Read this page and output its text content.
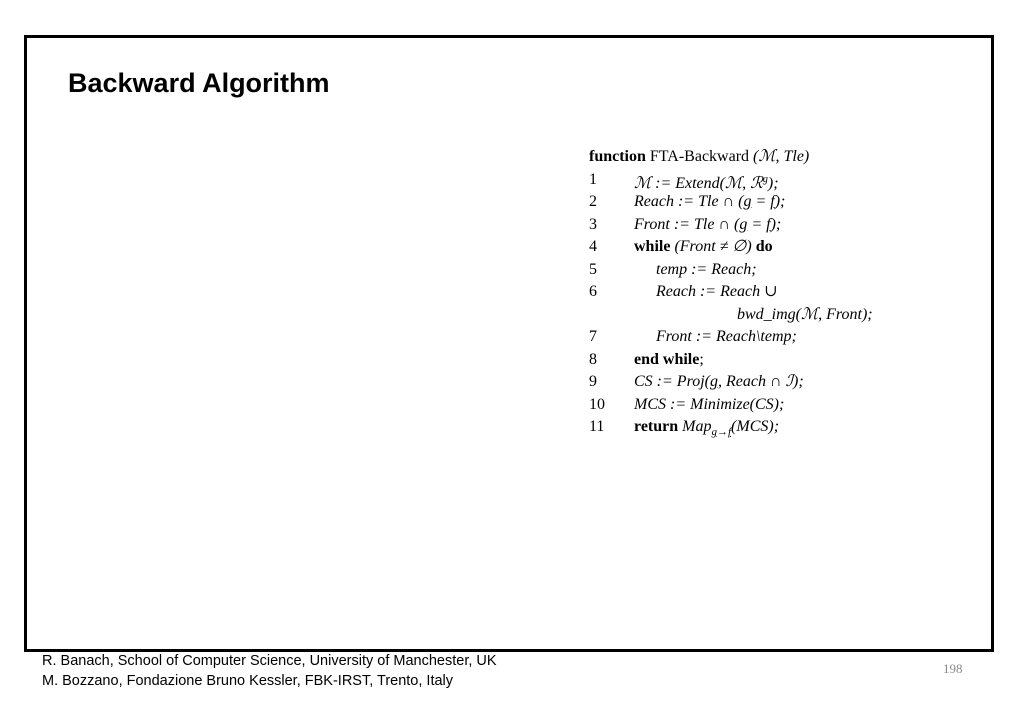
Backward Algorithm
function FTA-Backward (ℳ, Tle)
1	ℳ := Extend(ℳ, ℛ$^g$);
2	Reach := Tle ∩ (g = f);
3	Front := Tle ∩ (g = f);
4	while (Front ≠ ∅) do
5	temp := Reach;
6	Reach := Reach ∪
bwd_img(ℳ, Front);
7	Front := Reach\temp;
8	end while;
9	CS := Proj(g, Reach ∩ ℐ);
10	MCS := Minimize(CS);
11	return Map$_{g\to f}$(MCS);
R. Banach, School of Computer Science, University of Manchester, UK
M. Bozzano, Fondazione Bruno Kessler, FBK-IRST, Trento, Italy
198
